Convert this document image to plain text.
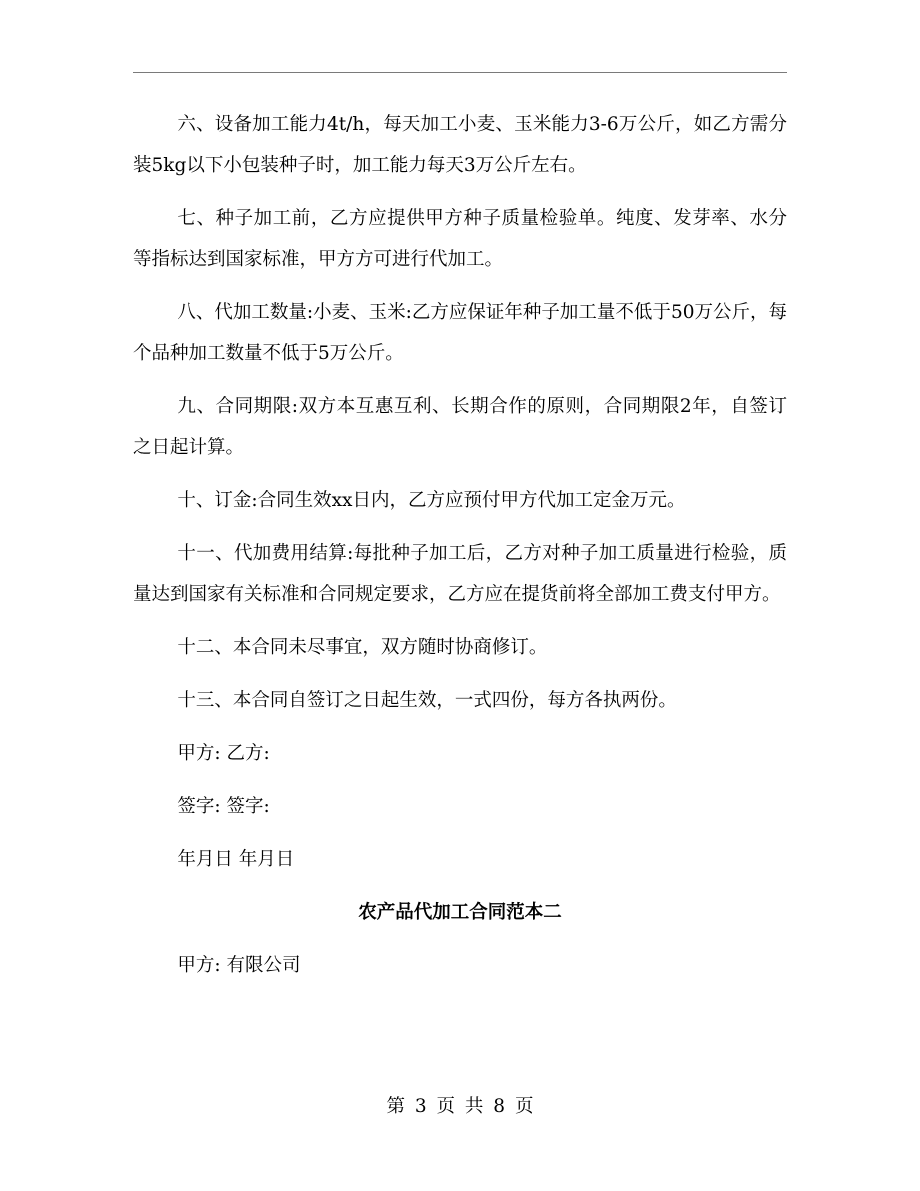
六、设备加工能力4t/h，每天加工小麦、玉米能力3-6万公斤，如乙方需分装5kg以下小包装种子时，加工能力每天3万公斤左右。

七、种子加工前，乙方应提供甲方种子质量检验单。纯度、发芽率、水分等指标达到国家标准，甲方方可进行代加工。

八、代加工数量:小麦、玉米:乙方应保证年种子加工量不低于50万公斤，每个品种加工数量不低于5万公斤。

九、合同期限:双方本互惠互利、长期合作的原则，合同期限2年，自签订之日起计算。

十、订金:合同生效xx日内，乙方应预付甲方代加工定金万元。

十一、代加费用结算:每批种子加工后，乙方对种子加工质量进行检验，质量达到国家有关标准和合同规定要求，乙方应在提货前将全部加工费支付甲方。

十二、本合同未尽事宜，双方随时协商修订。

十三、本合同自签订之日起生效，一式四份，每方各执两份。

甲方: 乙方:

签字: 签字:

年月日 年月日

农产品代加工合同范本二

甲方: 有限公司

第 3 页 共 8 页
